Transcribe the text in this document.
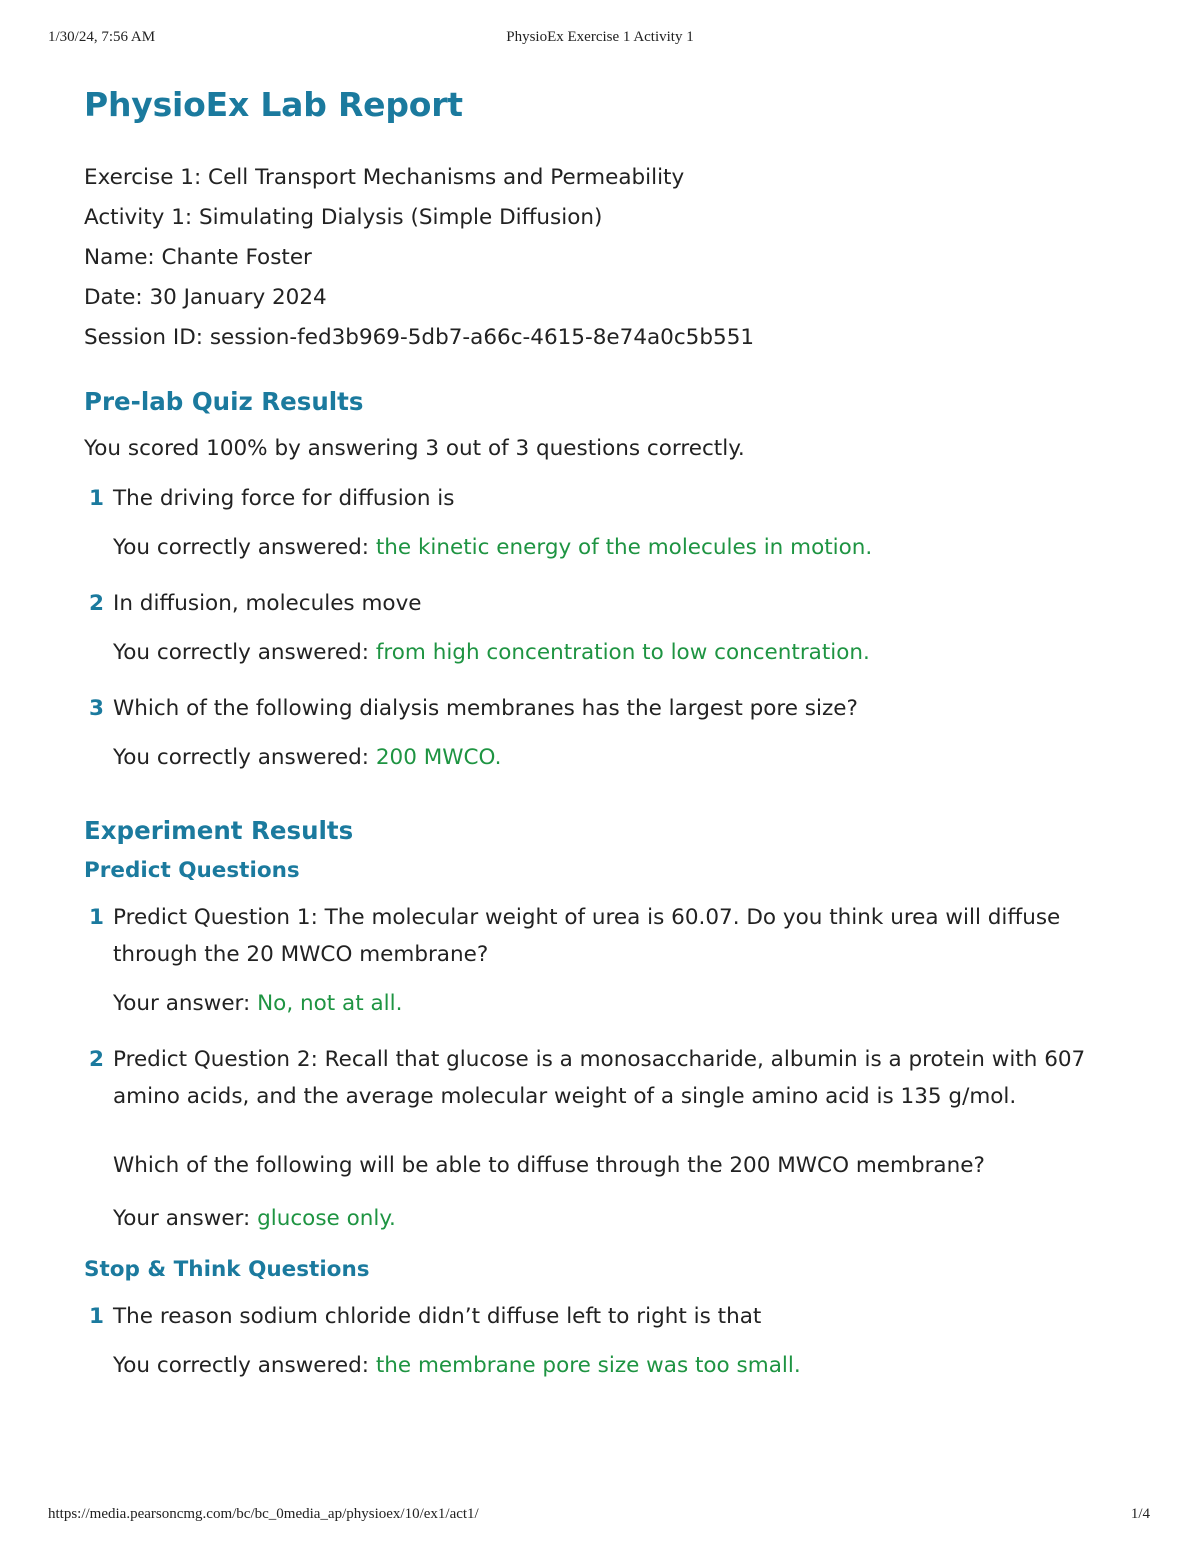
1/30/24, 7:56 AM	PhysioEx Exercise 1 Activity 1
PhysioEx Lab Report

Exercise 1: Cell Transport Mechanisms and Permeability

Activity 1: Simulating Dialysis (Simple Diffusion)

Name: Chante Foster

Date: 30 January 2024

Session ID: session-fed3b969-5db7-a66c-4615-8e74a0c5b551

Pre-lab Quiz Results

You scored 100% by answering 3 out of 3 questions correctly.

1 The driving force for diffusion is
You correctly answered: the kinetic energy of the molecules in motion.
2 In diffusion, molecules move
You correctly answered: from high concentration to low concentration.
3 Which of the following dialysis membranes has the largest pore size?
You correctly answered: 200 MWCO.
Experiment Results
Predict Questions
1 Predict Question 1: The molecular weight of urea is 60.07. Do you think urea will diffuse through the 20 MWCO membrane?
Your answer: No, not at all.
2 Predict Question 2: Recall that glucose is a monosaccharide, albumin is a protein with 607 amino acids, and the average molecular weight of a single amino acid is 135 g/mol.
Which of the following will be able to diffuse through the 200 MWCO membrane?
Your answer: glucose only.
Stop & Think Questions
1 The reason sodium chloride didn’t diffuse left to right is that
You correctly answered: the membrane pore size was too small.
https://media.pearsoncmg.com/bc/bc_0media_ap/physioex/10/ex1/act1/	1/4
